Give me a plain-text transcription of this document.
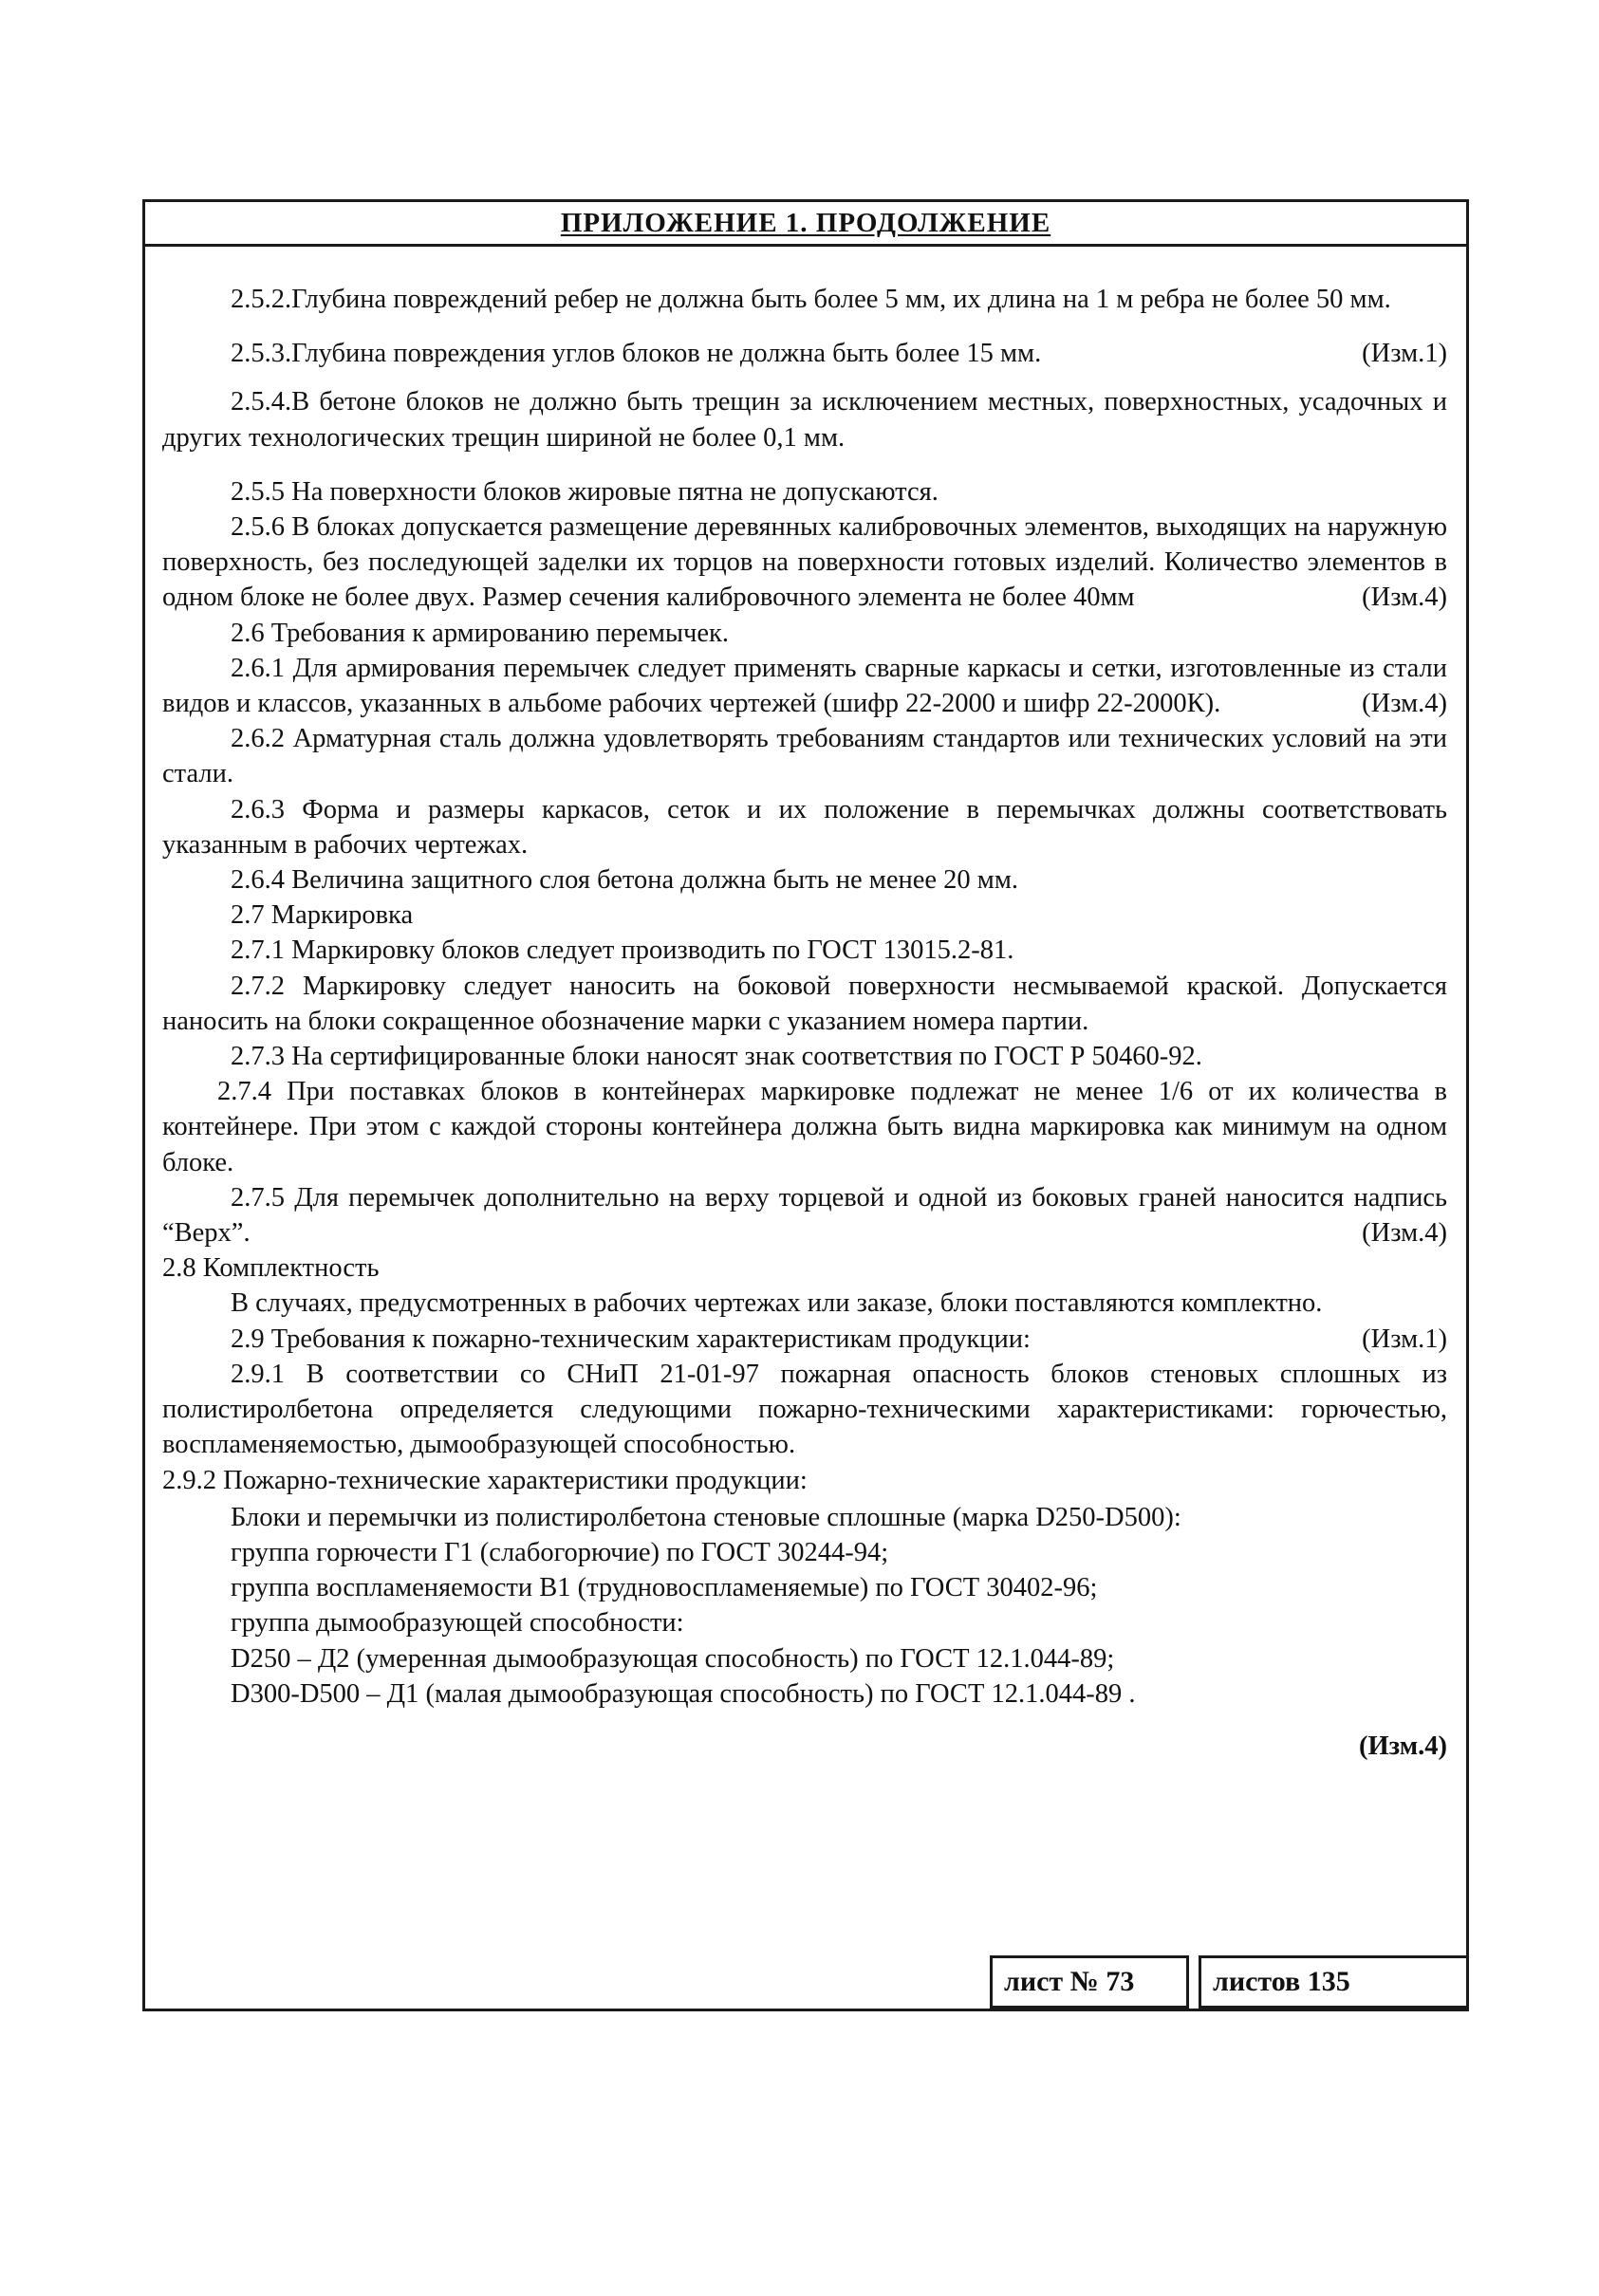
ПРИЛОЖЕНИЕ 1. ПРОДОЛЖЕНИЕ

2.5.2.Глубина повреждений ребер не должна быть более 5 мм, их длина на 1 м ребра не более 50 мм.

2.5.3.Глубина повреждения углов блоков не должна быть более 15 мм.	(Изм.1)

2.5.4.В бетоне блоков не должно быть трещин за исключением местных, поверхностных, усадочных и других технологических трещин шириной не более 0,1 мм.

2.5.5 На поверхности блоков жировые пятна не допускаются.

2.5.6 В блоках допускается размещение деревянных калибровочных элементов, выходящих на наружную поверхность, без последующей заделки их торцов на поверхности готовых изделий. Количество элементов в одном блоке не более двух. Размер сечения калибровочного элемента не более 40мм	(Изм.4)

2.6 Требования к армированию перемычек.

2.6.1 Для армирования перемычек следует применять сварные каркасы и сетки, изготовленные из стали видов и классов, указанных в альбоме рабочих чертежей (шифр 22-2000 и шифр 22-2000К).	(Изм.4)

2.6.2 Арматурная сталь должна удовлетворять требованиям стандартов или технических условий на эти стали.

2.6.3 Форма и размеры каркасов, сеток и их положение в перемычках должны соответствовать указанным в рабочих чертежах.

2.6.4 Величина защитного слоя бетона должна быть не менее 20 мм.

2.7 Маркировка

2.7.1 Маркировку блоков следует производить по ГОСТ 13015.2-81.

2.7.2 Маркировку следует наносить на боковой поверхности несмываемой краской. Допускается наносить на блоки сокращенное обозначение марки с указанием номера партии.

2.7.3 На сертифицированные блоки наносят знак соответствия по ГОСТ Р 50460-92.

2.7.4 При поставках блоков в контейнерах маркировке подлежат не менее 1/6 от их количества в контейнере. При этом с каждой стороны контейнера должна быть видна маркировка как минимум на одном блоке.

2.7.5 Для перемычек дополнительно на верху торцевой и одной из боковых граней наносится надпись “Верх”.	(Изм.4)

2.8 Комплектность

В случаях, предусмотренных в рабочих чертежах или заказе, блоки поставляются комплектно.
(Изм.1)

2.9 Требования к пожарно-техническим характеристикам продукции:

2.9.1 В соответствии со СНиП 21-01-97 пожарная опасность блоков стеновых сплошных из полистиролбетона определяется следующими пожарно-техническими характеристиками: горючестью, воспламеняемостью, дымообразующей способностью.

2.9.2 Пожарно-технические характеристики продукции:

Блоки и перемычки из полистиролбетона стеновые сплошные (марка D250-D500):

группа горючести Г1 (слабогорючие) по ГОСТ 30244-94;

группа воспламеняемости В1 (трудновоспламеняемые) по ГОСТ 30402-96;

группа дымообразующей способности:

D250 – Д2 (умеренная дымообразующая способность) по ГОСТ 12.1.044-89;

D300-D500 – Д1 (малая дымообразующая способность) по ГОСТ 12.1.044-89 .

(Изм.4)
лист № 73	листов 135
